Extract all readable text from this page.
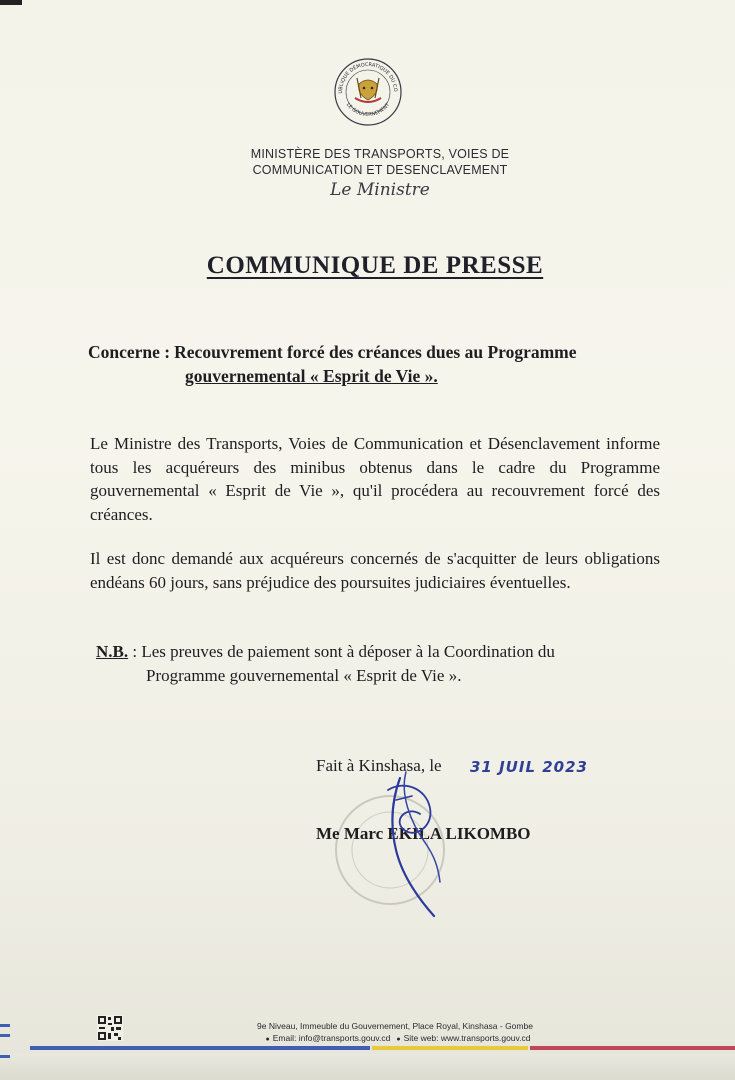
UBLIQUE DÉMOCRATIQUE DU CO
LE GOUVERNEMENT
MINISTÈRE DES TRANSPORTS, VOIES DE
COMMUNICATION ET DESENCLAVEMENT
Le Ministre
COMMUNIQUE DE PRESSE
Concerne : Recouvrement forcé des créances dues au Programme
gouvernemental « Esprit de Vie ».
Le Ministre des Transports, Voies de Communication et Désenclavement informe tous les acquéreurs des minibus obtenus dans le cadre du Programme gouvernemental « Esprit de Vie », qu'il procédera au recouvrement forcé des créances.
Il est donc demandé aux acquéreurs concernés de s'acquitter de leurs obligations endéans 60 jours, sans préjudice des poursuites judiciaires éventuelles.
N.B. : Les preuves de paiement sont à déposer à la Coordination du
Programme gouvernemental « Esprit de Vie ».
Fait à Kinshasa, le 31 JUIL 2023
Me Marc EKILA LIKOMBO
9e Niveau, Immeuble du Gouvernement, Place Royal, Kinshasa - Gombe
● Email: info@transports.gouv.cd ● Site web: www.transports.gouv.cd
